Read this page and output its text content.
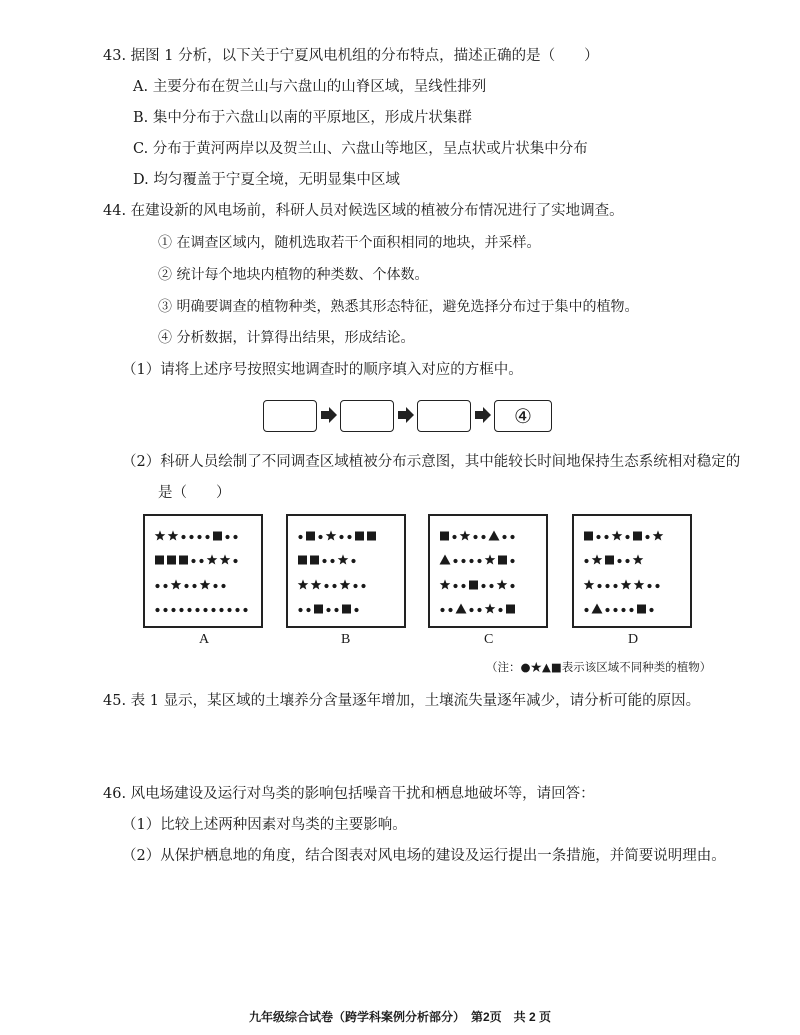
43. 据图 1 分析，以下关于宁夏风电机组的分布特点，描述正确的是（　　）
A. 主要分布在贺兰山与六盘山的山脊区域，呈线性排列
B. 集中分布于六盘山以南的平原地区，形成片状集群
C. 分布于黄河两岸以及贺兰山、六盘山等地区，呈点状或片状集中分布
D. 均匀覆盖于宁夏全境，无明显集中区域
44. 在建设新的风电场前，科研人员对候选区域的植被分布情况进行了实地调查。
① 在调查区域内，随机选取若干个面积相同的地块，并采样。
② 统计每个地块内植物的种类数、个体数。
③ 明确要调查的植物种类，熟悉其形态特征，避免选择分布过于集中的植物。
④ 分析数据，计算得出结果，形成结论。
（1）请将上述序号按照实地调查时的顺序填入对应的方框中。
④
（2）科研人员绘制了不同调查区域植被分布示意图，其中能较长时间地保持生态系统相对稳定的
是（　　）
A	B	C	D
（注：●★▲■表示该区域不同种类的植物）
45. 表 1 显示，某区域的土壤养分含量逐年增加，土壤流失量逐年减少，请分析可能的原因。
46. 风电场建设及运行对鸟类的影响包括噪音干扰和栖息地破坏等，请回答：
（1）比较上述两种因素对鸟类的主要影响。
（2）从保护栖息地的角度，结合图表对风电场的建设及运行提出一条措施，并简要说明理由。
九年级综合试卷（跨学科案例分析部分）　第2页　共 2 页
